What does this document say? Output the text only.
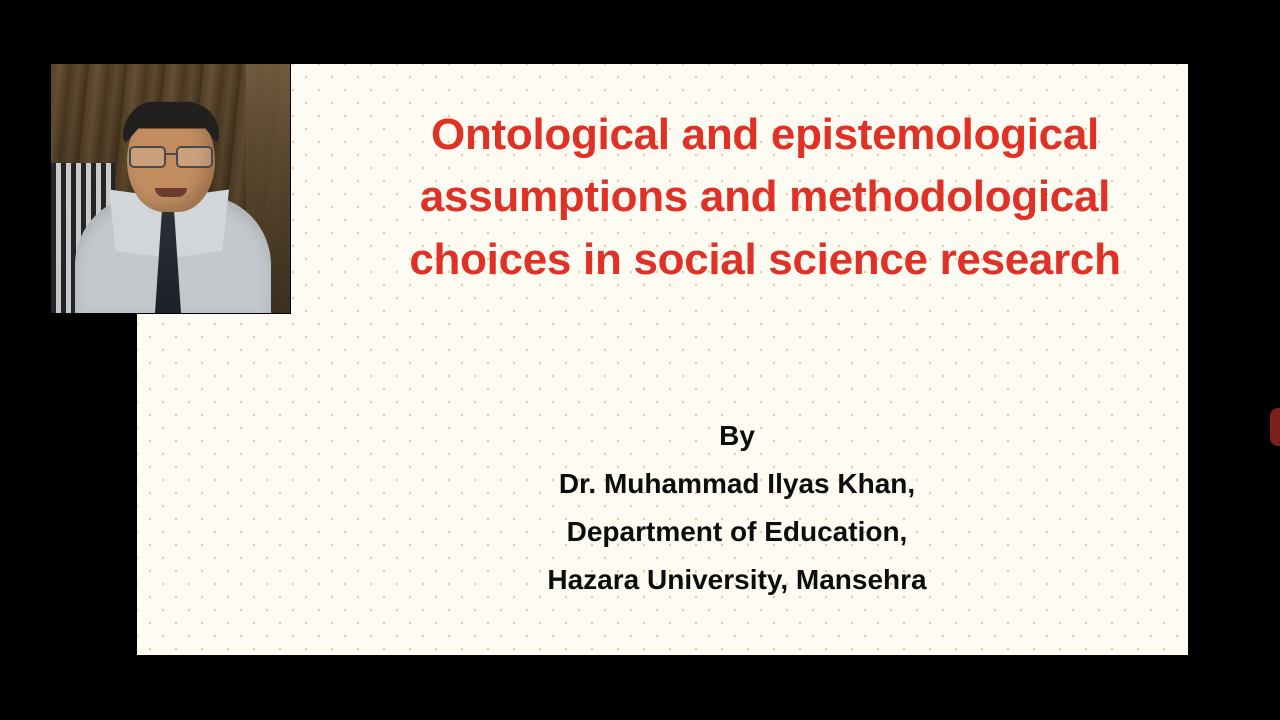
Ontological and epistemological assumptions and methodological choices in social science research
By
Dr. Muhammad Ilyas Khan,
Department of Education,
Hazara University, Mansehra
